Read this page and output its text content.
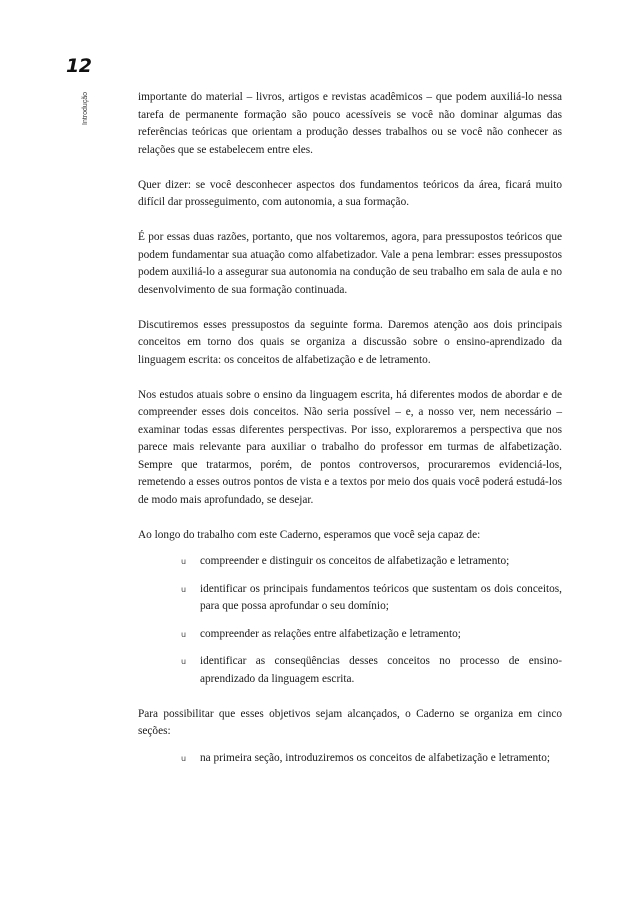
12
Introdução	importante do material – livros, artigos e revistas acadêmicos – que podem auxiliá-lo nessa tarefa de permanente formação são pouco acessíveis se você não dominar algumas das referências teóricas que orientam a produção desses trabalhos ou se você não conhecer as relações que se estabelecem entre eles.

Quer dizer: se você desconhecer aspectos dos fundamentos teóricos da área, ficará muito difícil dar prosseguimento, com autonomia, a sua formação.

É por essas duas razões, portanto, que nos voltaremos, agora, para pressupostos teóricos que podem fundamentar sua atuação como alfabetizador. Vale a pena lembrar: esses pressupostos podem auxiliá-lo a assegurar sua autonomia na condução de seu trabalho em sala de aula e no desenvolvimento de sua formação continuada.

Discutiremos esses pressupostos da seguinte forma. Daremos atenção aos dois principais conceitos em torno dos quais se organiza a discussão sobre o ensino-aprendizado da linguagem escrita: os conceitos de alfabetização e de letramento.

Nos estudos atuais sobre o ensino da linguagem escrita, há diferentes modos de abordar e de compreender esses dois conceitos. Não seria possível – e, a nosso ver, nem necessário – examinar todas essas diferentes perspectivas. Por isso, exploraremos a perspectiva que nos parece mais relevante para auxiliar o trabalho do professor em turmas de alfabetização. Sempre que tratarmos, porém, de pontos controversos, procuraremos evidenciá-los, remetendo a esses outros pontos de vista e a textos por meio dos quais você poderá estudá-los de modo mais aprofundado, se desejar.

Ao longo do trabalho com este Caderno, esperamos que você seja capaz de:

u compreender e distinguir os conceitos de alfabetização e letramento;
u identificar os principais fundamentos teóricos que sustentam os dois conceitos, para que possa aprofundar o seu domínio;
u compreender as relações entre alfabetização e letramento;
u identificar as conseqüências desses conceitos no processo de ensino-aprendizado da linguagem escrita.

Para possibilitar que esses objetivos sejam alcançados, o Caderno se organiza em cinco seções:

u na primeira seção, introduziremos os conceitos de alfabetização e letramento;
